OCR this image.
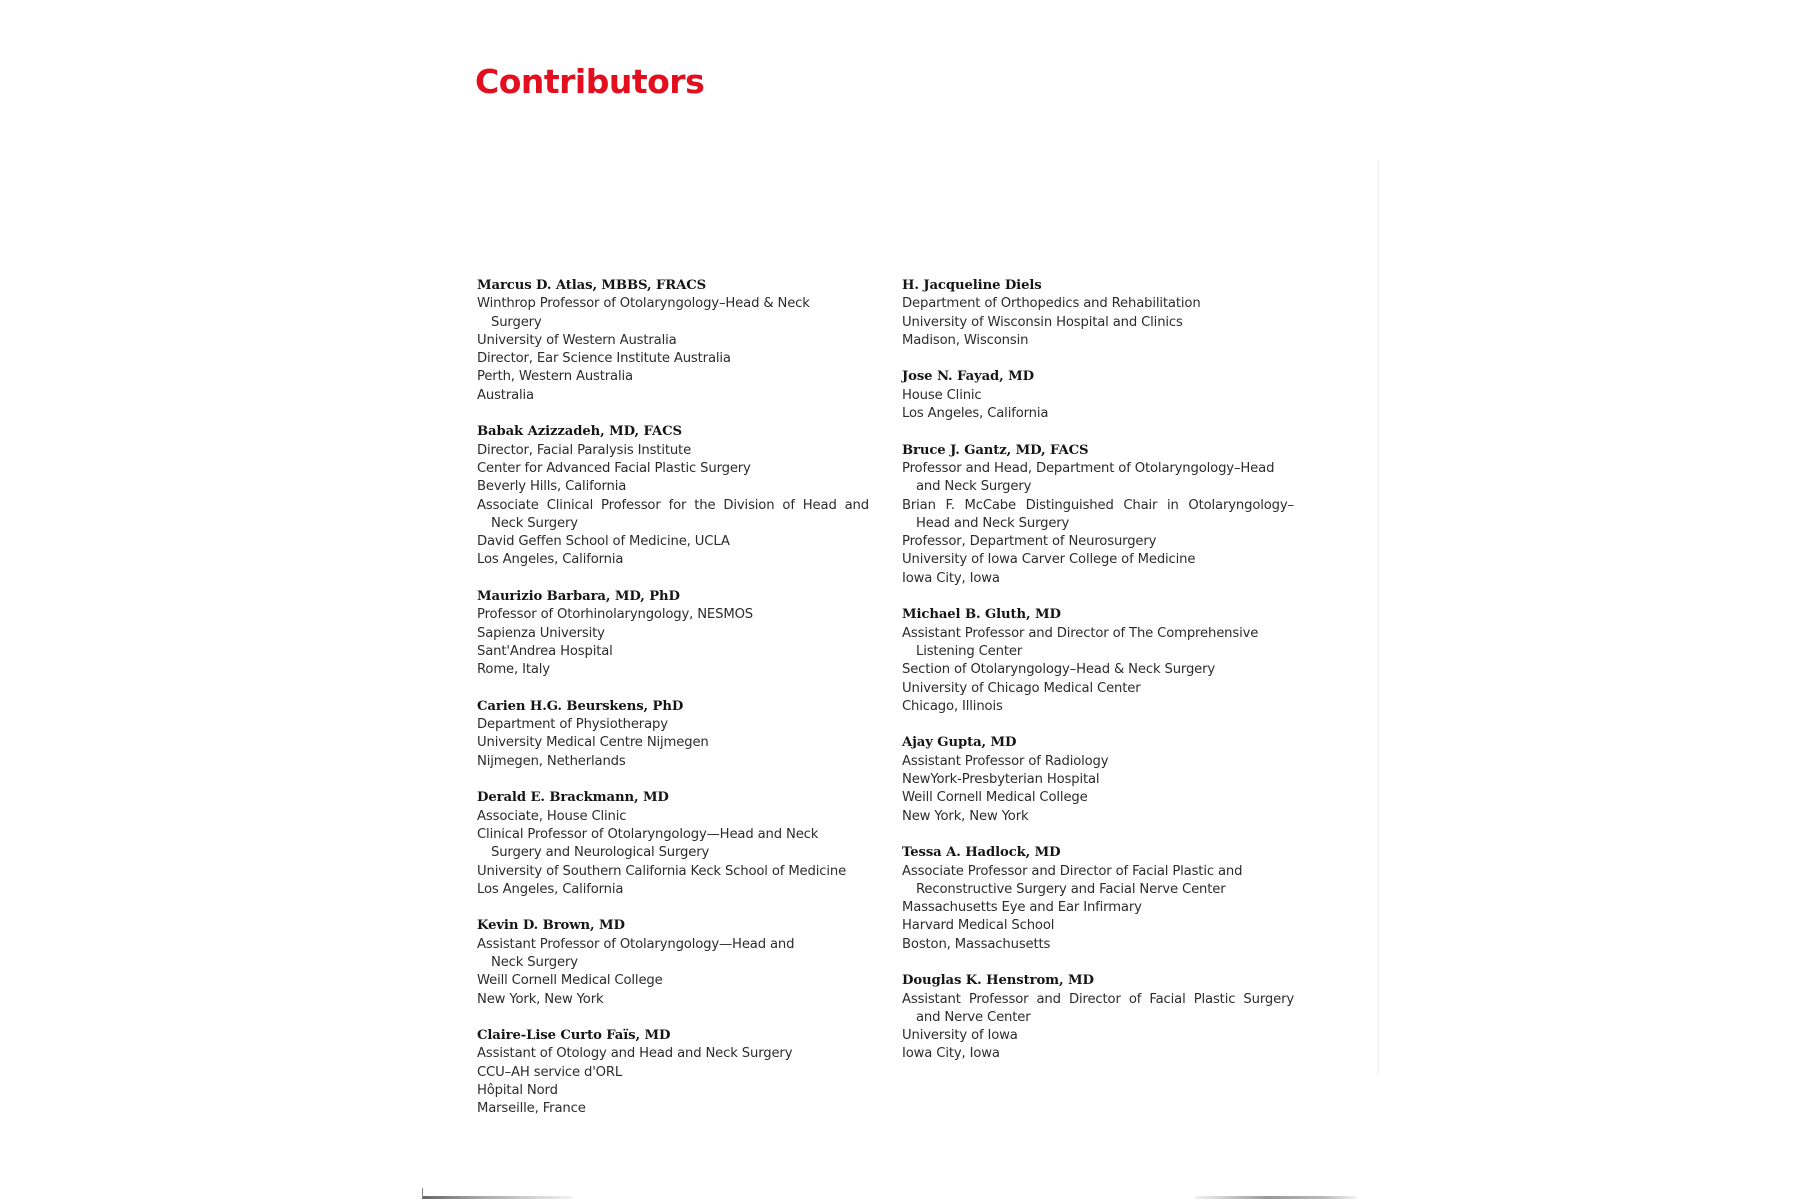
Contributors
Marcus D. Atlas, MBBS, FRACS
Winthrop Professor of Otolaryngology–Head & Neck
Surgery
University of Western Australia
Director, Ear Science Institute Australia
Perth, Western Australia
Australia
Babak Azizzadeh, MD, FACS
Director, Facial Paralysis Institute
Center for Advanced Facial Plastic Surgery
Beverly Hills, California
Associate Clinical Professor for the Division of Head and
Neck Surgery
David Geffen School of Medicine, UCLA
Los Angeles, California
Maurizio Barbara, MD, PhD
Professor of Otorhinolaryngology, NESMOS
Sapienza University
Sant'Andrea Hospital
Rome, Italy
Carien H.G. Beurskens, PhD
Department of Physiotherapy
University Medical Centre Nijmegen
Nijmegen, Netherlands
Derald E. Brackmann, MD
Associate, House Clinic
Clinical Professor of Otolaryngology—Head and Neck
Surgery and Neurological Surgery
University of Southern California Keck School of Medicine
Los Angeles, California
Kevin D. Brown, MD
Assistant Professor of Otolaryngology—Head and
Neck Surgery
Weill Cornell Medical College
New York, New York
Claire-Lise Curto Faïs, MD
Assistant of Otology and Head and Neck Surgery
CCU–AH service d'ORL
Hôpital Nord
Marseille, France
H. Jacqueline Diels
Department of Orthopedics and Rehabilitation
University of Wisconsin Hospital and Clinics
Madison, Wisconsin
Jose N. Fayad, MD
House Clinic
Los Angeles, California
Bruce J. Gantz, MD, FACS
Professor and Head, Department of Otolaryngology–Head
and Neck Surgery
Brian F. McCabe Distinguished Chair in Otolaryngology–
Head and Neck Surgery
Professor, Department of Neurosurgery
University of Iowa Carver College of Medicine
Iowa City, Iowa
Michael B. Gluth, MD
Assistant Professor and Director of The Comprehensive
Listening Center
Section of Otolaryngology–Head & Neck Surgery
University of Chicago Medical Center
Chicago, Illinois
Ajay Gupta, MD
Assistant Professor of Radiology
NewYork-Presbyterian Hospital
Weill Cornell Medical College
New York, New York
Tessa A. Hadlock, MD
Associate Professor and Director of Facial Plastic and
Reconstructive Surgery and Facial Nerve Center
Massachusetts Eye and Ear Infirmary
Harvard Medical School
Boston, Massachusetts
Douglas K. Henstrom, MD
Assistant Professor and Director of Facial Plastic Surgery
and Nerve Center
University of Iowa
Iowa City, Iowa
